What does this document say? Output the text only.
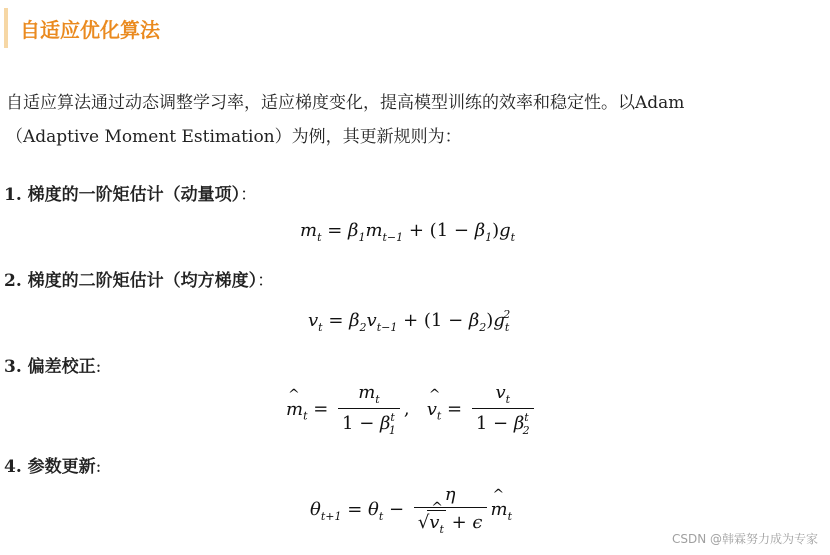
自适应优化算法
自适应算法通过动态调整学习率，适应梯度变化，提高模型训练的效率和稳定性。以Adam
（Adaptive Moment Estimation）为例，其更新规则为：
1. 梯度的一阶矩估计（动量项）：
$m_t = \beta_1m_{t-1} + (1 - \beta_1)g_t$
2. 梯度的二阶矩估计（均方梯度）：
$v_t = \beta_2v_{t-1} + (1 - \beta_2)g_t^2$
3. 偏差校正:
^ $m_t = \frac{m_t}{1 - \beta^t_1}$ ,   ^ $v_t = \frac{v_t}{1 - \beta^t_2}$
4. 参数更新:
$\theta_{t+1} = \theta_t - \frac{\eta}{√\^{} v_t + \epsilon}$
^ $m_t$
CSDN @韩霖努力成为专家
